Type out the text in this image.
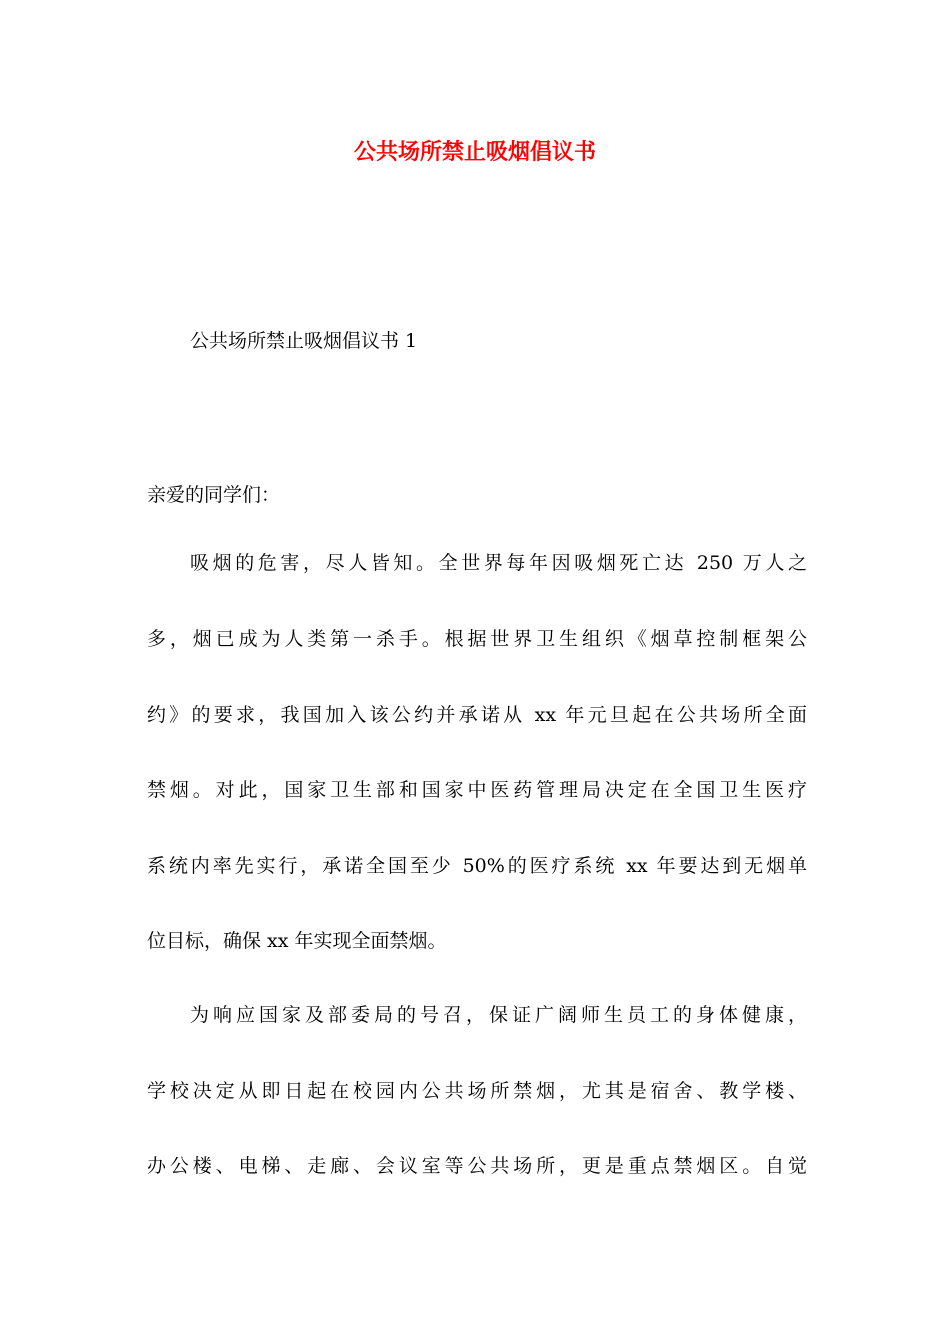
公共场所禁止吸烟倡议书

公共场所禁止吸烟倡议书 1

亲爱的同学们：

吸烟的危害，尽人皆知。全世界每年因吸烟死亡达 250 万人之

多，烟已成为人类第一杀手。根据世界卫生组织《烟草控制框架公

约》的要求，我国加入该公约并承诺从 xx 年元旦起在公共场所全面

禁烟。对此，国家卫生部和国家中医药管理局决定在全国卫生医疗

系统内率先实行，承诺全国至少 50%的医疗系统 xx 年要达到无烟单

位目标，确保 xx 年实现全面禁烟。

为响应国家及部委局的号召，保证广阔师生员工的身体健康，

学校决定从即日起在校园内公共场所禁烟，尤其是宿舍、教学楼、

办公楼、电梯、走廊、会议室等公共场所，更是重点禁烟区。自觉
